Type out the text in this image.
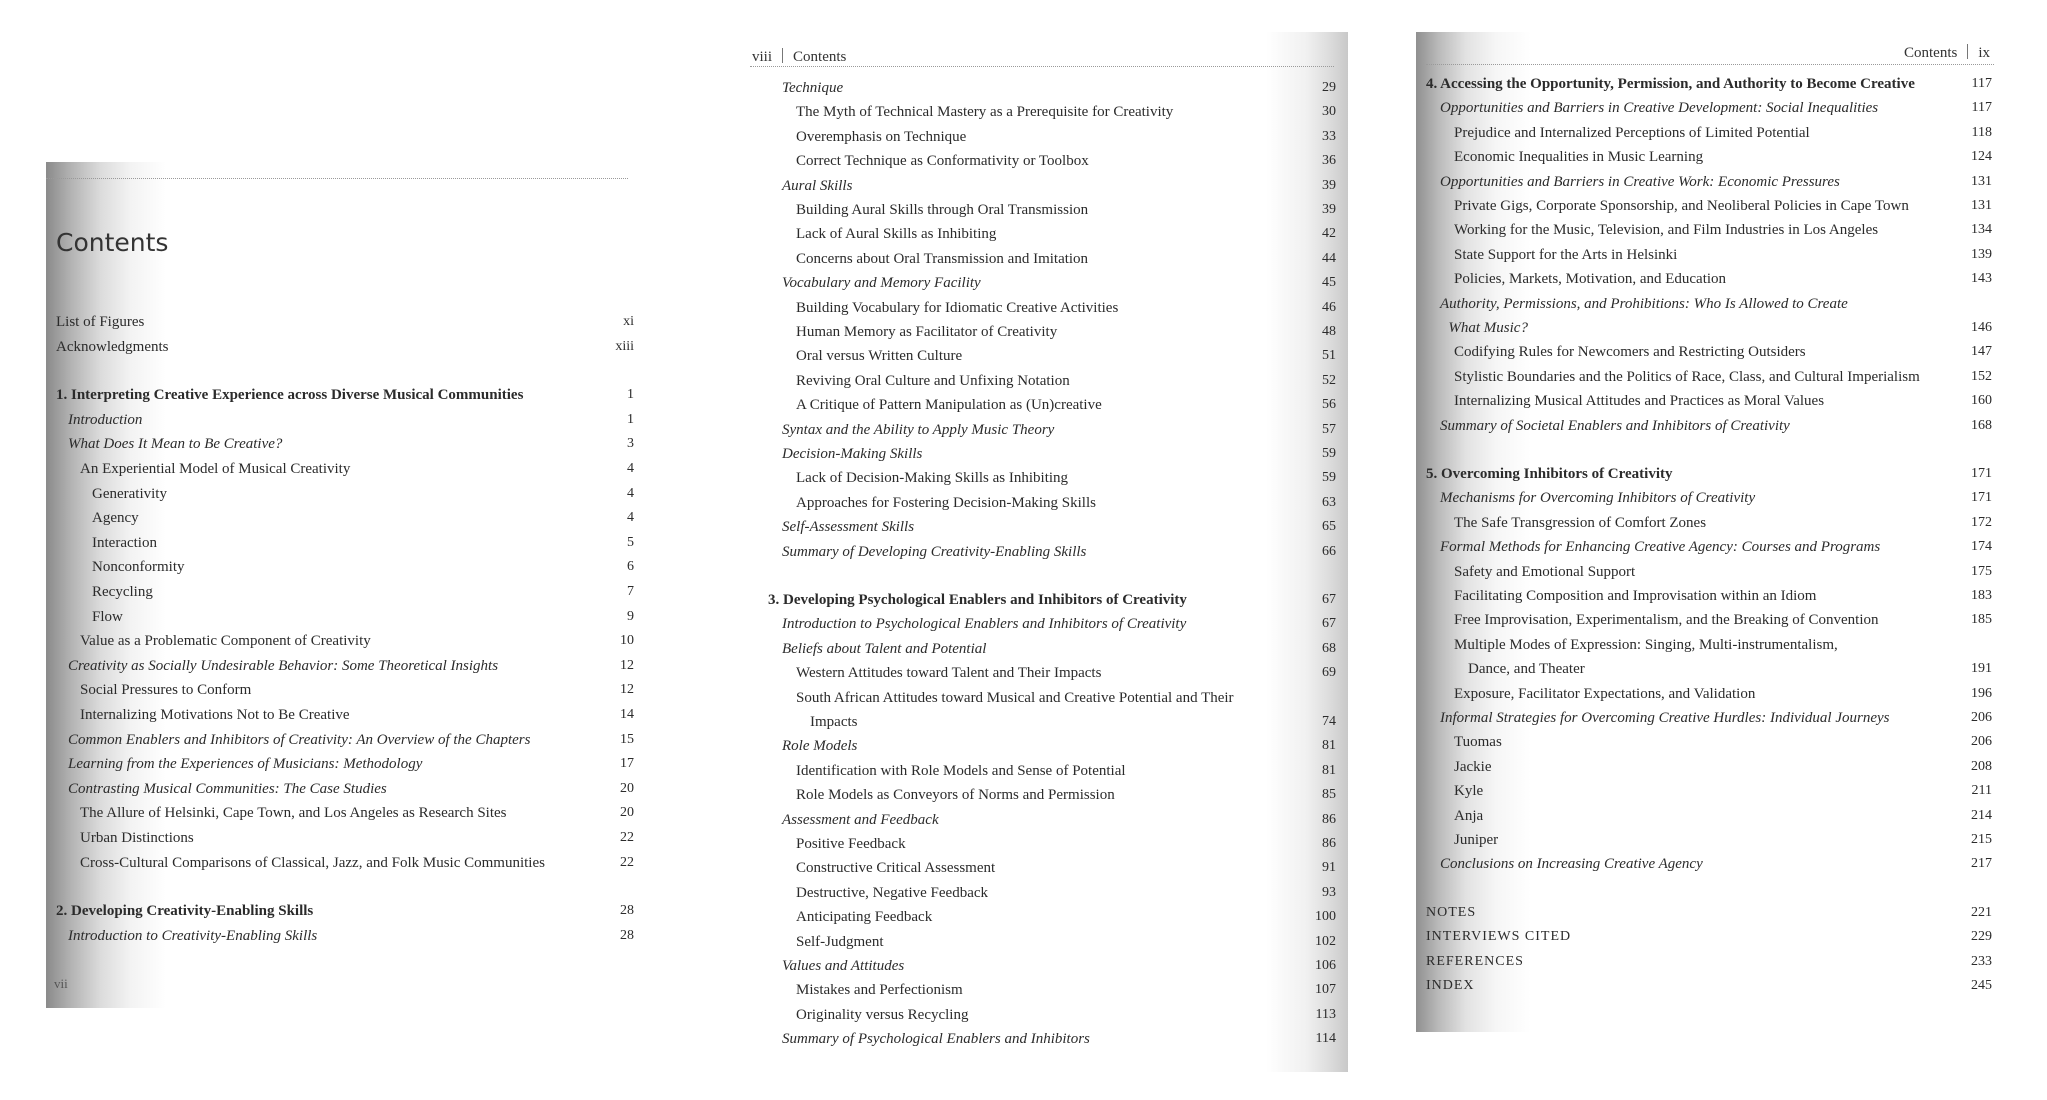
Contents
List of Figures	xi
Acknowledgments	xiii
1. Interpreting Creative Experience across Diverse Musical Communities	1
Introduction	1
What Does It Mean to Be Creative?	3
An Experiential Model of Musical Creativity	4
Generativity	4
Agency	4
Interaction	5
Nonconformity	6
Recycling	7
Flow	9
Value as a Problematic Component of Creativity	10
Creativity as Socially Undesirable Behavior: Some Theoretical Insights	12
Social Pressures to Conform	12
Internalizing Motivations Not to Be Creative	14
Common Enablers and Inhibitors of Creativity: An Overview of the Chapters	15
Learning from the Experiences of Musicians: Methodology	17
Contrasting Musical Communities: The Case Studies	20
The Allure of Helsinki, Cape Town, and Los Angeles as Research Sites	20
Urban Distinctions	22
Cross-Cultural Comparisons of Classical, Jazz, and Folk Music Communities	22
2. Developing Creativity-Enabling Skills	28
Introduction to Creativity-Enabling Skills	28
vii
viii Contents
Technique	29
The Myth of Technical Mastery as a Prerequisite for Creativity	30
Overemphasis on Technique	33
Correct Technique as Conformativity or Toolbox	36
Aural Skills	39
Building Aural Skills through Oral Transmission	39
Lack of Aural Skills as Inhibiting	42
Concerns about Oral Transmission and Imitation	44
Vocabulary and Memory Facility	45
Building Vocabulary for Idiomatic Creative Activities	46
Human Memory as Facilitator of Creativity	48
Oral versus Written Culture	51
Reviving Oral Culture and Unfixing Notation	52
A Critique of Pattern Manipulation as (Un)creative	56
Syntax and the Ability to Apply Music Theory	57
Decision-Making Skills	59
Lack of Decision-Making Skills as Inhibiting	59
Approaches for Fostering Decision-Making Skills	63
Self-Assessment Skills	65
Summary of Developing Creativity-Enabling Skills	66
3. Developing Psychological Enablers and Inhibitors of Creativity	67
Introduction to Psychological Enablers and Inhibitors of Creativity	67
Beliefs about Talent and Potential	68
Western Attitudes toward Talent and Their Impacts	69
South African Attitudes toward Musical and Creative Potential and Their
Impacts	74
Role Models	81
Identification with Role Models and Sense of Potential	81
Role Models as Conveyors of Norms and Permission	85
Assessment and Feedback	86
Positive Feedback	86
Constructive Critical Assessment	91
Destructive, Negative Feedback	93
Anticipating Feedback	100
Self-Judgment	102
Values and Attitudes	106
Mistakes and Perfectionism	107
Originality versus Recycling	113
Summary of Psychological Enablers and Inhibitors	114
Contents ix
4. Accessing the Opportunity, Permission, and Authority to Become Creative	117
Opportunities and Barriers in Creative Development: Social Inequalities	117
Prejudice and Internalized Perceptions of Limited Potential	118
Economic Inequalities in Music Learning	124
Opportunities and Barriers in Creative Work: Economic Pressures	131
Private Gigs, Corporate Sponsorship, and Neoliberal Policies in Cape Town	131
Working for the Music, Television, and Film Industries in Los Angeles	134
State Support for the Arts in Helsinki	139
Policies, Markets, Motivation, and Education	143
Authority, Permissions, and Prohibitions: Who Is Allowed to Create
What Music?	146
Codifying Rules for Newcomers and Restricting Outsiders	147
Stylistic Boundaries and the Politics of Race, Class, and Cultural Imperialism	152
Internalizing Musical Attitudes and Practices as Moral Values	160
Summary of Societal Enablers and Inhibitors of Creativity	168
5. Overcoming Inhibitors of Creativity	171
Mechanisms for Overcoming Inhibitors of Creativity	171
The Safe Transgression of Comfort Zones	172
Formal Methods for Enhancing Creative Agency: Courses and Programs	174
Safety and Emotional Support	175
Facilitating Composition and Improvisation within an Idiom	183
Free Improvisation, Experimentalism, and the Breaking of Convention	185
Multiple Modes of Expression: Singing, Multi-instrumentalism,
Dance, and Theater	191
Exposure, Facilitator Expectations, and Validation	196
Informal Strategies for Overcoming Creative Hurdles: Individual Journeys	206
Tuomas	206
Jackie	208
Kyle	211
Anja	214
Juniper	215
Conclusions on Increasing Creative Agency	217
NOTES	221
INTERVIEWS CITED	229
REFERENCES	233
INDEX	245
